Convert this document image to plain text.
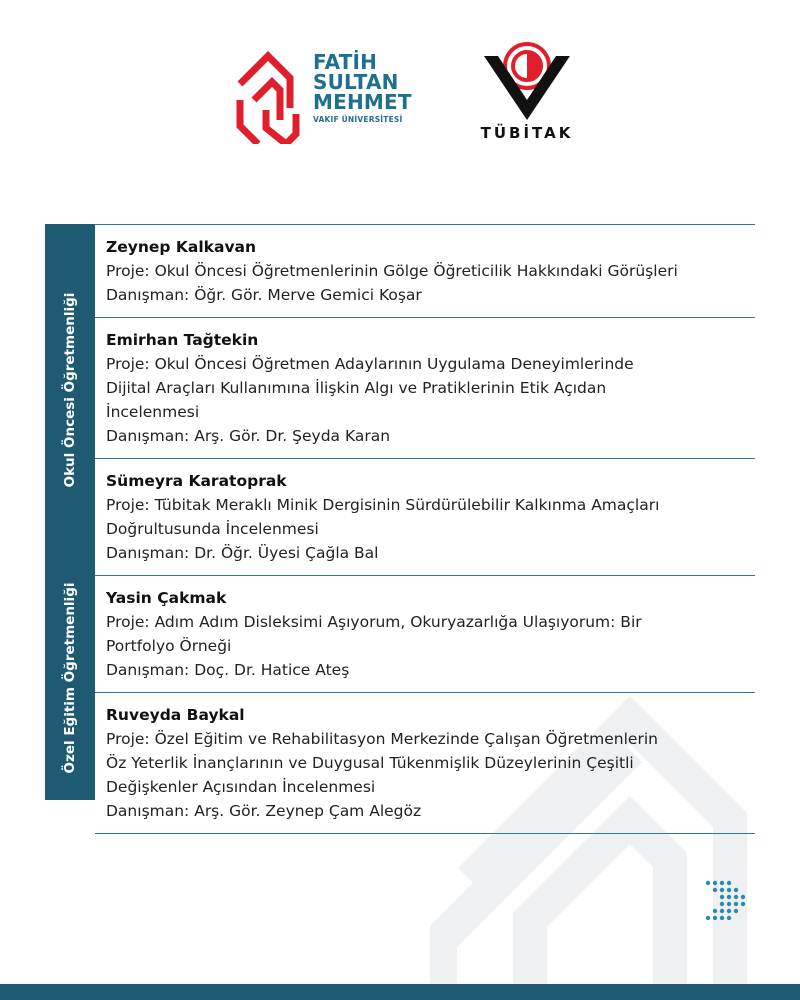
FATİH
SULTAN
MEHMET
VAKIF ÜNİVERSİTESİ
TÜBİTAK
Okul Öncesi Öğretmenliği
Özel Eğitim Öğretmenliği
Zeynep Kalkavan
Proje: Okul Öncesi Öğretmenlerinin Gölge Öğreticilik Hakkındaki Görüşleri
Danışman: Öğr. Gör. Merve Gemici Koşar
Emirhan Tağtekin
Proje: Okul Öncesi Öğretmen Adaylarının Uygulama Deneyimlerinde
Dijital Araçları Kullanımına İlişkin Algı ve Pratiklerinin Etik Açıdan
İncelenmesi
Danışman: Arş. Gör. Dr. Şeyda Karan
Sümeyra Karatoprak
Proje: Tübitak Meraklı Minik Dergisinin Sürdürülebilir Kalkınma Amaçları
Doğrultusunda İncelenmesi
Danışman: Dr. Öğr. Üyesi Çağla Bal
Yasin Çakmak
Proje: Adım Adım Disleksimi Aşıyorum, Okuryazarlığa Ulaşıyorum: Bir
Portfolyo Örneği
Danışman: Doç. Dr. Hatice Ateş
Ruveyda Baykal
Proje: Özel Eğitim ve Rehabilitasyon Merkezinde Çalışan Öğretmenlerin
Öz Yeterlik İnançlarının ve Duygusal Tükenmişlik Düzeylerinin Çeşitli
Değişkenler Açısından İncelenmesi
Danışman: Arş. Gör. Zeynep Çam Alegöz
